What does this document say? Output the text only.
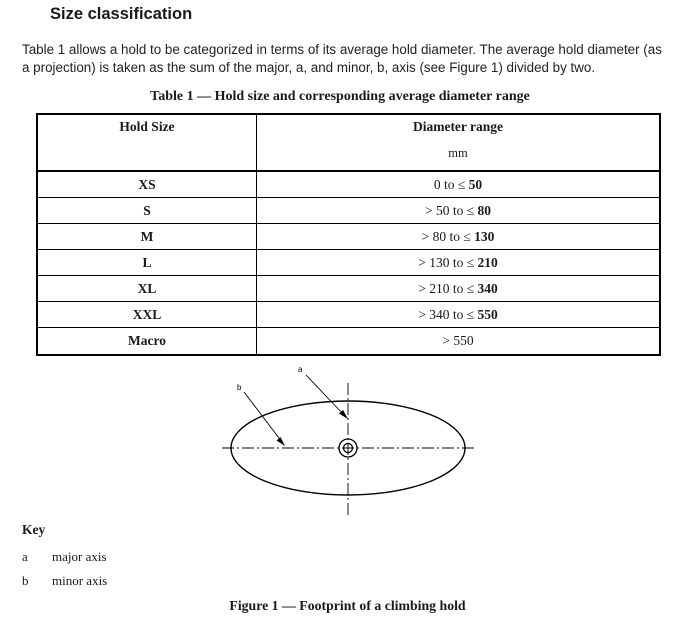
Size classification
Table 1 allows a hold to be categorized in terms of its average hold diameter. The average hold diameter (as a projection) is taken as the sum of the major, a, and minor, b, axis (see Figure 1) divided by two.
Table 1 — Hold size and corresponding average diameter range
Hold Size	Diameter range
	mm
XS	0 to ≤ 50
S	> 50 to ≤ 80
M	> 80 to ≤ 130
L	> 130 to ≤ 210
XL	> 210 to ≤ 340
XXL	> 340 to ≤ 550
Macro	> 550
a
b
Key
a major axis
b minor axis
Figure 1 — Footprint of a climbing hold
